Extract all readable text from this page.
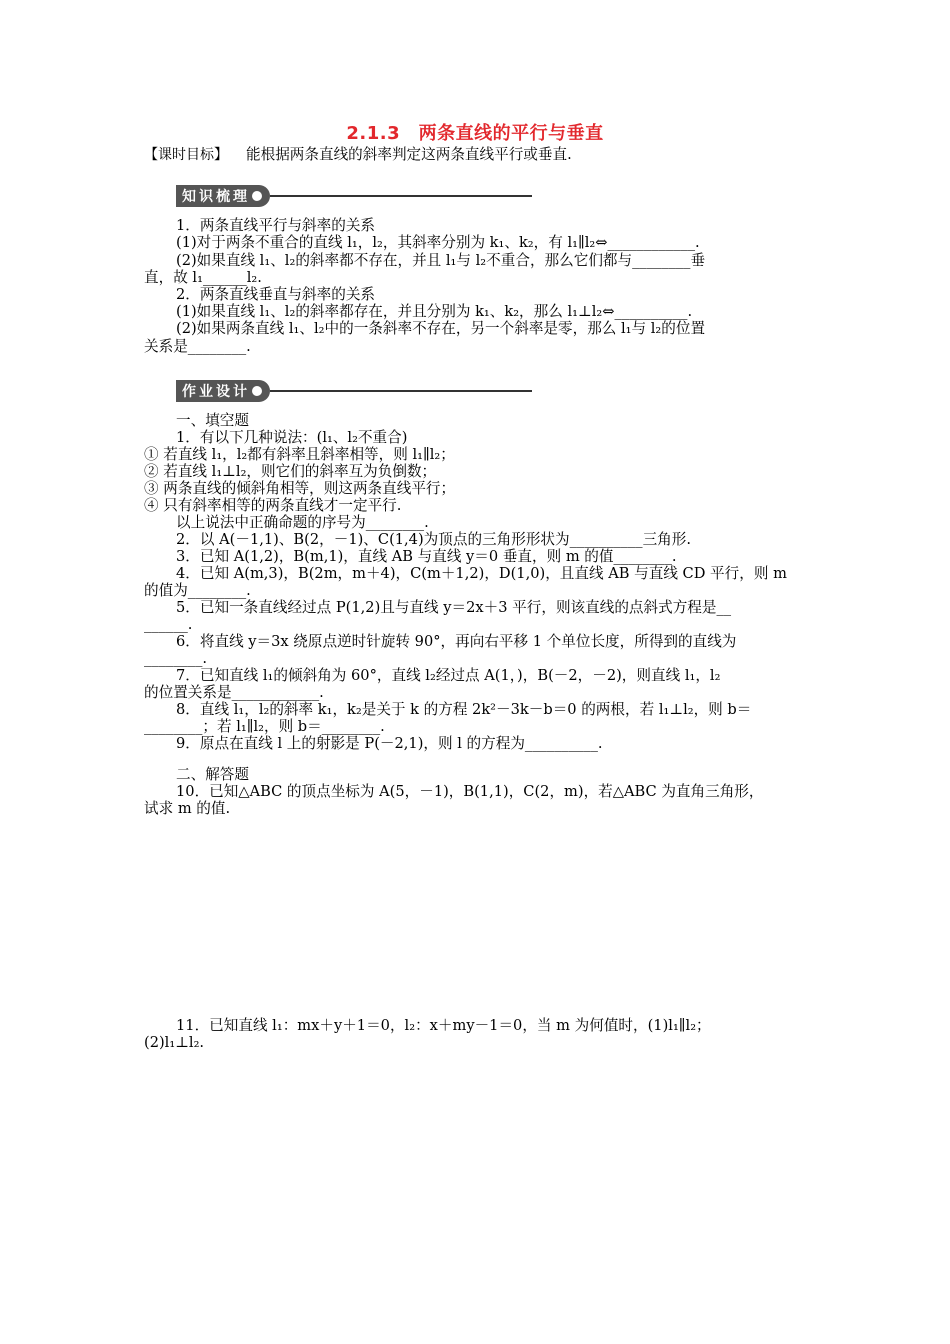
2.1.3　两条直线的平行与垂直
【课时目标】 能根据两条直线的斜率判定这两条直线平行或垂直.
知识梳理
1．两条直线平行与斜率的关系
(1)对于两条不重合的直线 l₁，l₂，其斜率分别为 k₁、k₂，有 l₁∥l₂⇔____________.
(2)如果直线 l₁、l₂的斜率都不存在，并且 l₁与 l₂不重合，那么它们都与________垂
直，故 l₁______l₂.
2．两条直线垂直与斜率的关系
(1)如果直线 l₁、l₂的斜率都存在，并且分别为 k₁、k₂，那么 l₁⊥l₂⇔__________.
(2)如果两条直线 l₁、l₂中的一条斜率不存在，另一个斜率是零，那么 l₁与 l₂的位置
关系是________.
作业设计
一、填空题
1．有以下几种说法：(l₁、l₂不重合)
① 若直线 l₁，l₂都有斜率且斜率相等，则 l₁∥l₂；
② 若直线 l₁⊥l₂，则它们的斜率互为负倒数；
③ 两条直线的倾斜角相等，则这两条直线平行；
④ 只有斜率相等的两条直线才一定平行.
以上说法中正确命题的序号为________.
2．以 A(－1,1)、B(2，－1)、C(1,4)为顶点的三角形形状为__________三角形.
3．已知 A(1,2)，B(m,1)，直线 AB 与直线 y＝0 垂直，则 m 的值________.
4．已知 A(m,3)，B(2m，m＋4)，C(m＋1,2)，D(1,0)，且直线 AB 与直线 CD 平行，则 m
的值为________.
5．已知一条直线经过点 P(1,2)且与直线 y＝2x＋3 平行，则该直线的点斜式方程是__
______.
6．将直线 y＝3x 绕原点逆时针旋转 90°，再向右平移 1 个单位长度，所得到的直线为
________.
7．已知直线 l₁的倾斜角为 60°，直线 l₂经过点 A(1，)，B(－2，－2)，则直线 l₁，l₂
的位置关系是____________.
8．直线 l₁，l₂的斜率 k₁，k₂是关于 k 的方程 2k²－3k－b＝0 的两根，若 l₁⊥l₂，则 b＝
________；若 l₁∥l₂，则 b＝________.
9．原点在直线 l 上的射影是 P(－2,1)，则 l 的方程为__________.
二、解答题
10．已知△ABC 的顶点坐标为 A(5，－1)，B(1,1)，C(2，m)，若△ABC 为直角三角形，
试求 m 的值.
11．已知直线 l₁：mx＋y＋1＝0，l₂：x＋my－1＝0，当 m 为何值时，(1)l₁∥l₂；
(2)l₁⊥l₂.
